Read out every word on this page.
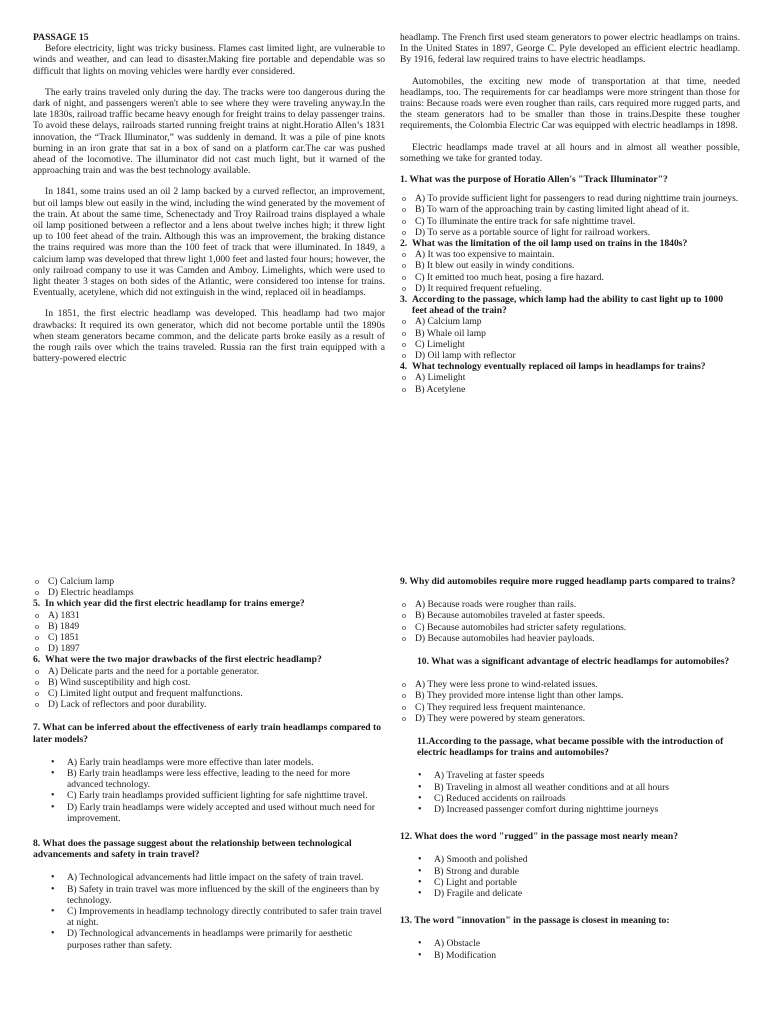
PASSAGE 15

Before electricity, light was tricky business. Flames cast limited light, are vulnerable to winds and weather, and can lead to disaster.Making fire portable and dependable was so difficult that lights on moving vehicles were hardly ever considered.

The early trains traveled only during the day. The tracks were too dangerous during the dark of night, and passengers weren't able to see where they were traveling anyway.In the late 1830s, railroad traffic became heavy enough for freight trains to delay passenger trains. To avoid these delays, railroads started running freight trains at night.Horatio Allen’s 1831 innovation, the “Track Illuminator,” was suddenly in demand. It was a pile of pine knots burning in an iron grate that sat in a box of sand on a platform car.The car was pushed ahead of the locomotive. The illuminator did not cast much light, but it warned of the approaching train and was the best technology available.

In 1841, some trains used an oil 2 lamp backed by a curved reflector, an improvement, but oil lamps blew out easily in the wind, including the wind generated by the movement of the train. At about the same time, Schenectady and Troy Railroad trains displayed a whale oil lamp positioned between a reflector and a lens about twelve inches high; it threw light up to 100 feet ahead of the train. Although this was an improvement, the braking distance the trains required was more than the 100 feet of track that were illuminated. In 1849, a calcium lamp was developed that threw light 1,000 feet and lasted four hours; however, the only railroad company to use it was Camden and Amboy. Limelights, which were used to light theater 3 stages on both sides of the Atlantic, were considered too intense for trains. Eventually, acetylene, which did not extinguish in the wind, replaced oil in headlamps.

In 1851, the first electric headlamp was developed. This headlamp had two major drawbacks: It required its own generator, which did not become portable until the 1890s when steam generators became common, and the delicate parts broke easily as a result of the rough rails over which the trains traveled. Russia ran the first train equipped with a battery-powered electric

headlamp. The French first used steam generators to power electric headlamps on trains. In the United States in 1897, George C. Pyle developed an efficient electric headlamp. By 1916, federal law required trains to have electric headlamps.

Automobiles, the exciting new mode of transportation at that time, needed headlamps, too. The requirements for car headlamps were more stringent than those for trains: Because roads were even rougher than rails, cars required more rugged parts, and the steam generators had to be smaller than those in trains.Despite these tougher requirements, the Colombia Electric Car was equipped with electric headlamps in 1898.

Electric headlamps made travel at all hours and in almost all weather possible, something we take for granted today.

1. What was the purpose of Horatio Allen's "Track Illuminator"?
o
A) To provide sufficient light for passengers to read during nighttime train journeys.
o
B) To warn of the approaching train by casting limited light ahead of it.
o
C) To illuminate the entire track for safe nighttime travel.
o
D) To serve as a portable source of light for railroad workers.
2. What was the limitation of the oil lamp used on trains in the 1840s?
o
A) It was too expensive to maintain.
o
B) It blew out easily in windy conditions.
o
C) It emitted too much heat, posing a fire hazard.
o
D) It required frequent refueling.
3. According to the passage, which lamp had the ability to cast light up to 1000 feet ahead of the train?
o
A) Calcium lamp
o
B) Whale oil lamp
o
C) Limelight
o
D) Oil lamp with reflector
4. What technology eventually replaced oil lamps in headlamps for trains?
o
A) Limelight
o
B) Acetylene
o
C) Calcium lamp
o
D) Electric headlamps
5. In which year did the first electric headlamp for trains emerge?
o
A) 1831
o
B) 1849
o
C) 1851
o
D) 1897
6. What were the two major drawbacks of the first electric headlamp?
o
A) Delicate parts and the need for a portable generator.
o
B) Wind susceptibility and high cost.
o
C) Limited light output and frequent malfunctions.
o
D) Lack of reflectors and poor durability.
7. What can be inferred about the effectiveness of early train headlamps compared to later models?
•
A) Early train headlamps were more effective than later models.
•
B) Early train headlamps were less effective, leading to the need for more advanced technology.
•
C) Early train headlamps provided sufficient lighting for safe nighttime travel.
•
D) Early train headlamps were widely accepted and used without much need for improvement.
8. What does the passage suggest about the relationship between technological advancements and safety in train travel?
•
A) Technological advancements had little impact on the safety of train travel.
•
B) Safety in train travel was more influenced by the skill of the engineers than by technology.
•
C) Improvements in headlamp technology directly contributed to safer train travel at night.
•
D) Technological advancements in headlamps were primarily for aesthetic purposes rather than safety.
9. Why did automobiles require more rugged headlamp parts compared to trains?
o
A) Because roads were rougher than rails.
o
B) Because automobiles traveled at faster speeds.
o
C) Because automobiles had stricter safety regulations.
o
D) Because automobiles had heavier payloads.
10. What was a significant advantage of electric headlamps for automobiles?
o
A) They were less prone to wind-related issues.
o
B) They provided more intense light than other lamps.
o
C) They required less frequent maintenance.
o
D) They were powered by steam generators.
11.According to the passage, what became possible with the introduction of electric headlamps for trains and automobiles?
•
A) Traveling at faster speeds
•
B) Traveling in almost all weather conditions and at all hours
•
C) Reduced accidents on railroads
•
D) Increased passenger comfort during nighttime journeys
12. What does the word "rugged" in the passage most nearly mean?
•
A) Smooth and polished
•
B) Strong and durable
•
C) Light and portable
•
D) Fragile and delicate
13. The word "innovation" in the passage is closest in meaning to:
•
A) Obstacle
•
B) Modification
